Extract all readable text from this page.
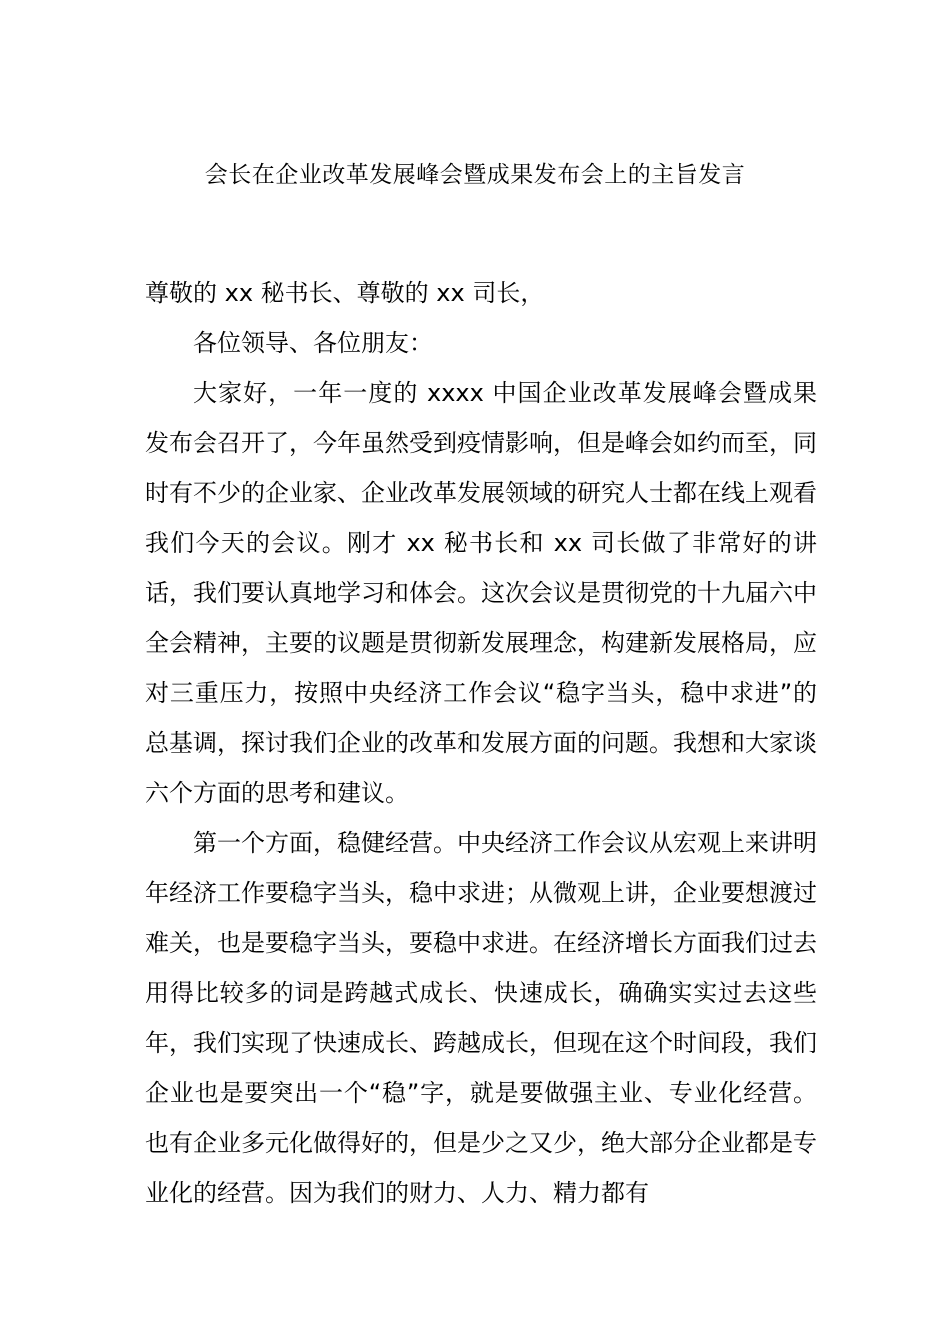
会长在企业改革发展峰会暨成果发布会上的主旨发言

尊敬的 xx 秘书长、尊敬的 xx 司长，

各位领导、各位朋友：

大家好，一年一度的 xxxx 中国企业改革发展峰会暨成果发布会召开了，今年虽然受到疫情影响，但是峰会如约而至，同时有不少的企业家、企业改革发展领域的研究人士都在线上观看我们今天的会议。刚才 xx 秘书长和 xx 司长做了非常好的讲话，我们要认真地学习和体会。这次会议是贯彻党的十九届六中全会精神，主要的议题是贯彻新发展理念，构建新发展格局，应对三重压力，按照中央经济工作会议“稳字当头，稳中求进”的总基调，探讨我们企业的改革和发展方面的问题。我想和大家谈六个方面的思考和建议。

第一个方面，稳健经营。中央经济工作会议从宏观上来讲明年经济工作要稳字当头，稳中求进；从微观上讲，企业要想渡过难关，也是要稳字当头，要稳中求进。在经济增长方面我们过去用得比较多的词是跨越式成长、快速成长，确确实实过去这些年，我们实现了快速成长、跨越成长，但现在这个时间段，我们企业也是要突出一个“稳”字，就是要做强主业、专业化经营。也有企业多元化做得好的，但是少之又少，绝大部分企业都是专业化的经营。因为我们的财力、人力、精力都有
